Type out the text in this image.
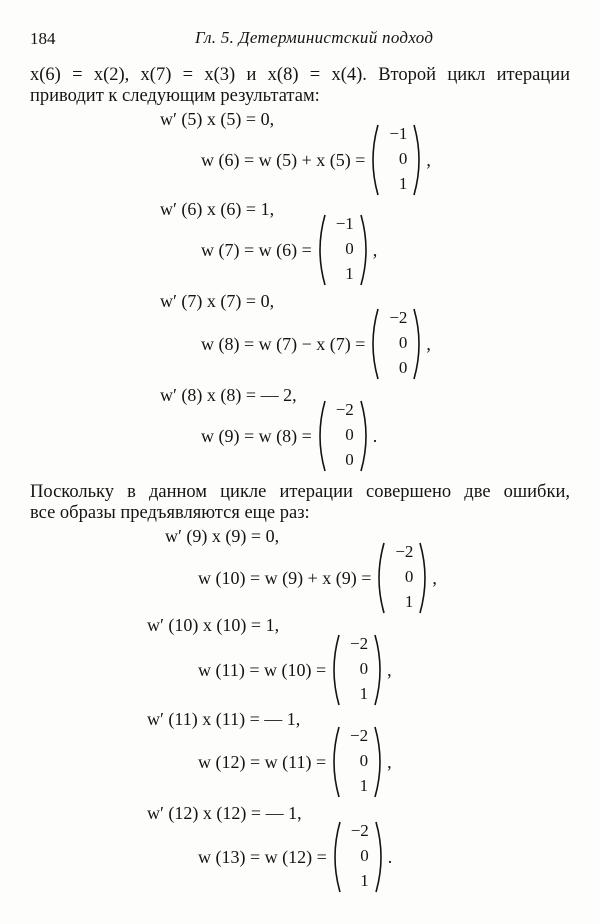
184	Гл. 5. Детерминистский подход

x(6) = x(2), x(7) = x(3) и x(8) = x(4). Второй цикл итерации
приводит к следующим результатам:

w′ (5) x (5) = 0,
w (6) = w (5) + x (5) =
−1
0
1
,
w′ (6) x (6) = 1,
w (7) = w (6) =
−1
0
1
,
w′ (7) x (7) = 0,
w (8) = w (7) − x (7) =
−2
0
0
,
w′ (8) x (8) = — 2,
w (9) = w (8) =
−2
0
0
.

Поскольку в данном цикле итерации совершено две ошибки,
все образы предъявляются еще раз:

w′ (9) x (9) = 0,
w (10) = w (9) + x (9) =
−2
0
1
,
w′ (10) x (10) = 1,
w (11) = w (10) =
−2
0
1
,
w′ (11) x (11) = — 1,
w (12) = w (11) =
−2
0
1
,
w′ (12) x (12) = — 1,
w (13) = w (12) =
−2
0
1
.
